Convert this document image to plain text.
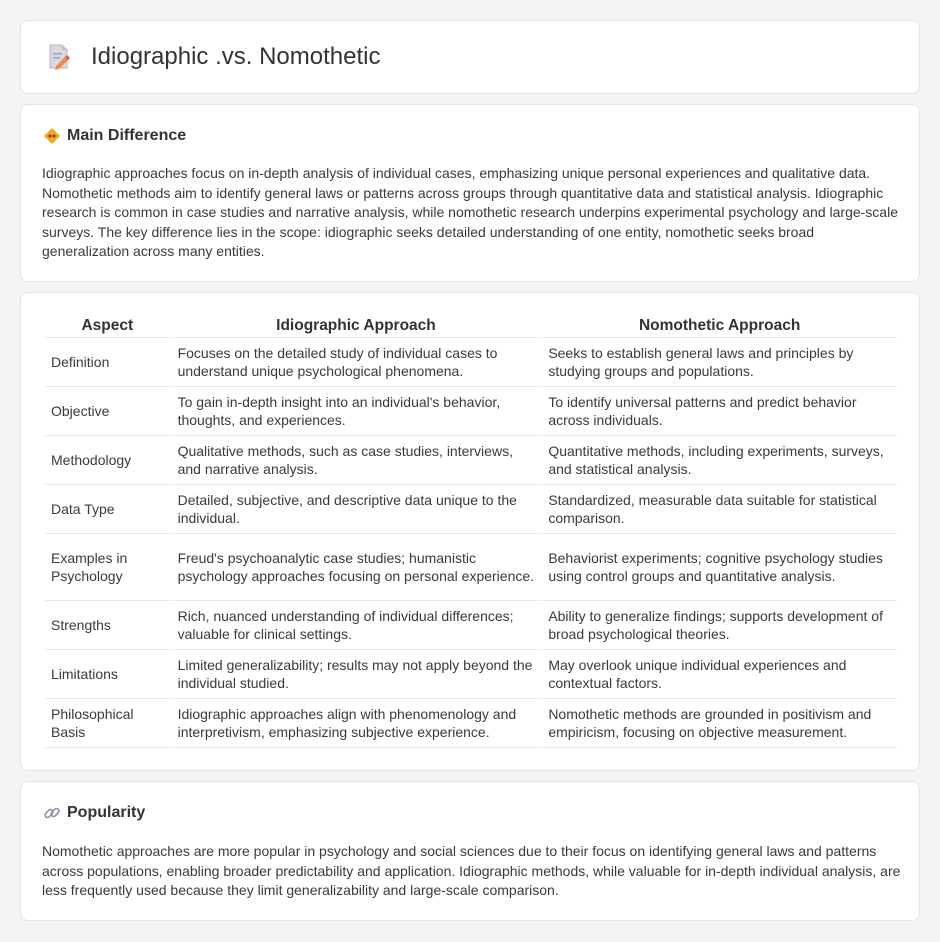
Idiographic .vs. Nomothetic
Main Difference

Idiographic approaches focus on in-depth analysis of individual cases, emphasizing unique personal experiences and qualitative data. Nomothetic methods aim to identify general laws or patterns across groups through quantitative data and statistical analysis. Idiographic research is common in case studies and narrative analysis, while nomothetic research underpins experimental psychology and large-scale surveys. The key difference lies in the scope: idiographic seeks detailed understanding of one entity, nomothetic seeks broad generalization across many entities.

Aspect	Idiographic Approach	Nomothetic Approach
Definition	Focuses on the detailed study of individual cases to understand unique psychological phenomena.	Seeks to establish general laws and principles by studying groups and populations.
Objective	To gain in-depth insight into an individual's behavior, thoughts, and experiences.	To identify universal patterns and predict behavior across individuals.
Methodology	Qualitative methods, such as case studies, interviews, and narrative analysis.	Quantitative methods, including experiments, surveys, and statistical analysis.
Data Type	Detailed, subjective, and descriptive data unique to the individual.	Standardized, measurable data suitable for statistical comparison.
Examples in Psychology	Freud's psychoanalytic case studies; humanistic psychology approaches focusing on personal experience.	Behaviorist experiments; cognitive psychology studies using control groups and quantitative analysis.
Strengths	Rich, nuanced understanding of individual differences; valuable for clinical settings.	Ability to generalize findings; supports development of broad psychological theories.
Limitations	Limited generalizability; results may not apply beyond the individual studied.	May overlook unique individual experiences and contextual factors.
Philosophical Basis	Idiographic approaches align with phenomenology and interpretivism, emphasizing subjective experience.	Nomothetic methods are grounded in positivism and empiricism, focusing on objective measurement.
Popularity

Nomothetic approaches are more popular in psychology and social sciences due to their focus on identifying general laws and patterns across populations, enabling broader predictability and application. Idiographic methods, while valuable for in-depth individual analysis, are less frequently used because they limit generalizability and large-scale comparison.
